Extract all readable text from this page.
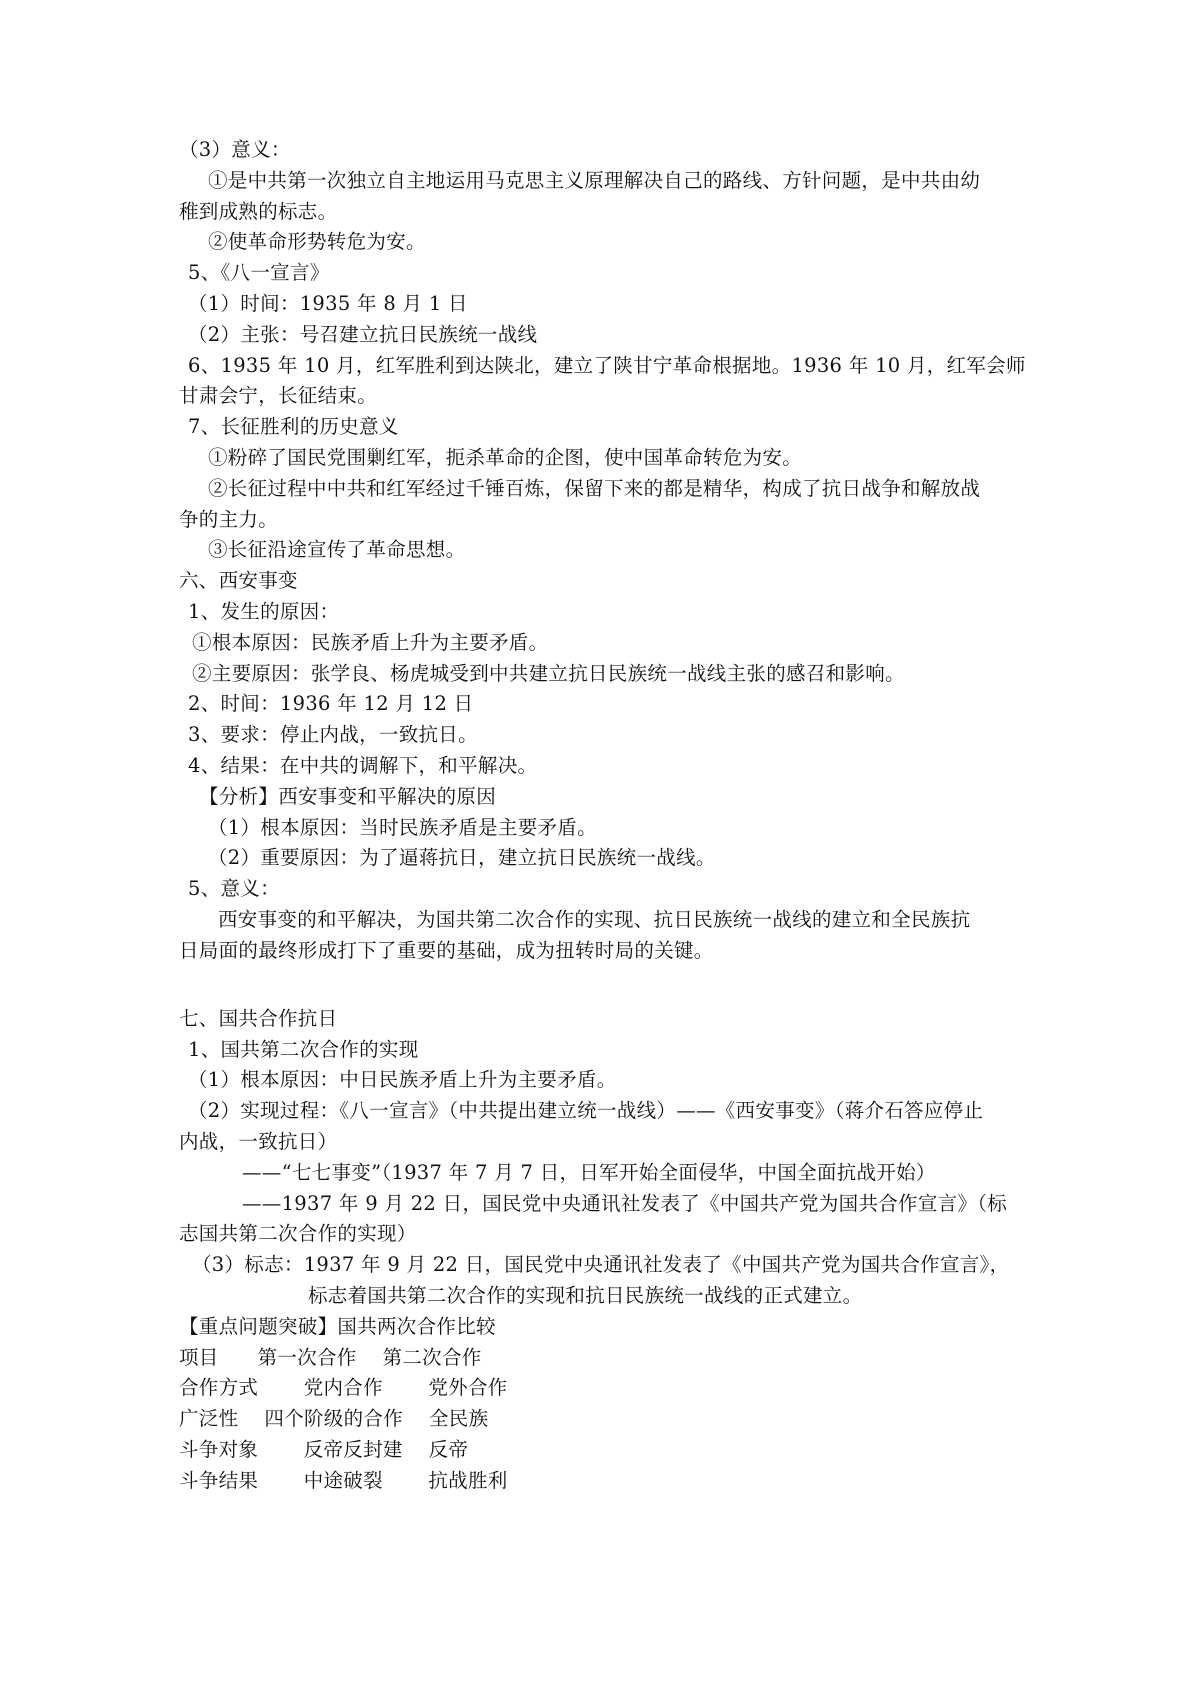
（3）意义：
①是中共第一次独立自主地运用马克思主义原理解决自己的路线、方针问题，是中共由幼
稚到成熟的标志。
②使革命形势转危为安。
5、《八一宣言》
（1）时间：1935 年 8 月 1 日
（2）主张：号召建立抗日民族统一战线
6、1935 年 10 月，红军胜利到达陕北，建立了陕甘宁革命根据地。1936 年 10 月，红军会师
甘肃会宁，长征结束。
7、长征胜利的历史意义
①粉碎了国民党围剿红军，扼杀革命的企图，使中国革命转危为安。
②长征过程中中共和红军经过千锤百炼，保留下来的都是精华，构成了抗日战争和解放战
争的主力。
③长征沿途宣传了革命思想。
六、西安事变
1、发生的原因：
①根本原因：民族矛盾上升为主要矛盾。
②主要原因：张学良、杨虎城受到中共建立抗日民族统一战线主张的感召和影响。
2、时间：1936 年 12 月 12 日
3、要求：停止内战，一致抗日。
4、结果：在中共的调解下，和平解决。
【分析】西安事变和平解决的原因
（1）根本原因：当时民族矛盾是主要矛盾。
（2）重要原因：为了逼蒋抗日，建立抗日民族统一战线。
5、意义：
西安事变的和平解决，为国共第二次合作的实现、抗日民族统一战线的建立和全民族抗
日局面的最终形成打下了重要的基础，成为扭转时局的关键。
七、国共合作抗日
1、国共第二次合作的实现
（1）根本原因：中日民族矛盾上升为主要矛盾。
（2）实现过程：《八一宣言》（中共提出建立统一战线）——《西安事变》（蒋介石答应停止
内战，一致抗日）
——“七七事变”（1937 年 7 月 7 日，日军开始全面侵华，中国全面抗战开始）
——1937 年 9 月 22 日，国民党中央通讯社发表了《中国共产党为国共合作宣言》（标
志国共第二次合作的实现）
（3）标志：1937 年 9 月 22 日，国民党中央通讯社发表了《中国共产党为国共合作宣言》，
标志着国共第二次合作的实现和抗日民族统一战线的正式建立。
【重点问题突破】国共两次合作比较
项目      第一次合作    第二次合作
合作方式       党内合作       党外合作
广泛性    四个阶级的合作    全民族
斗争对象       反帝反封建    反帝
斗争结果       中途破裂       抗战胜利
